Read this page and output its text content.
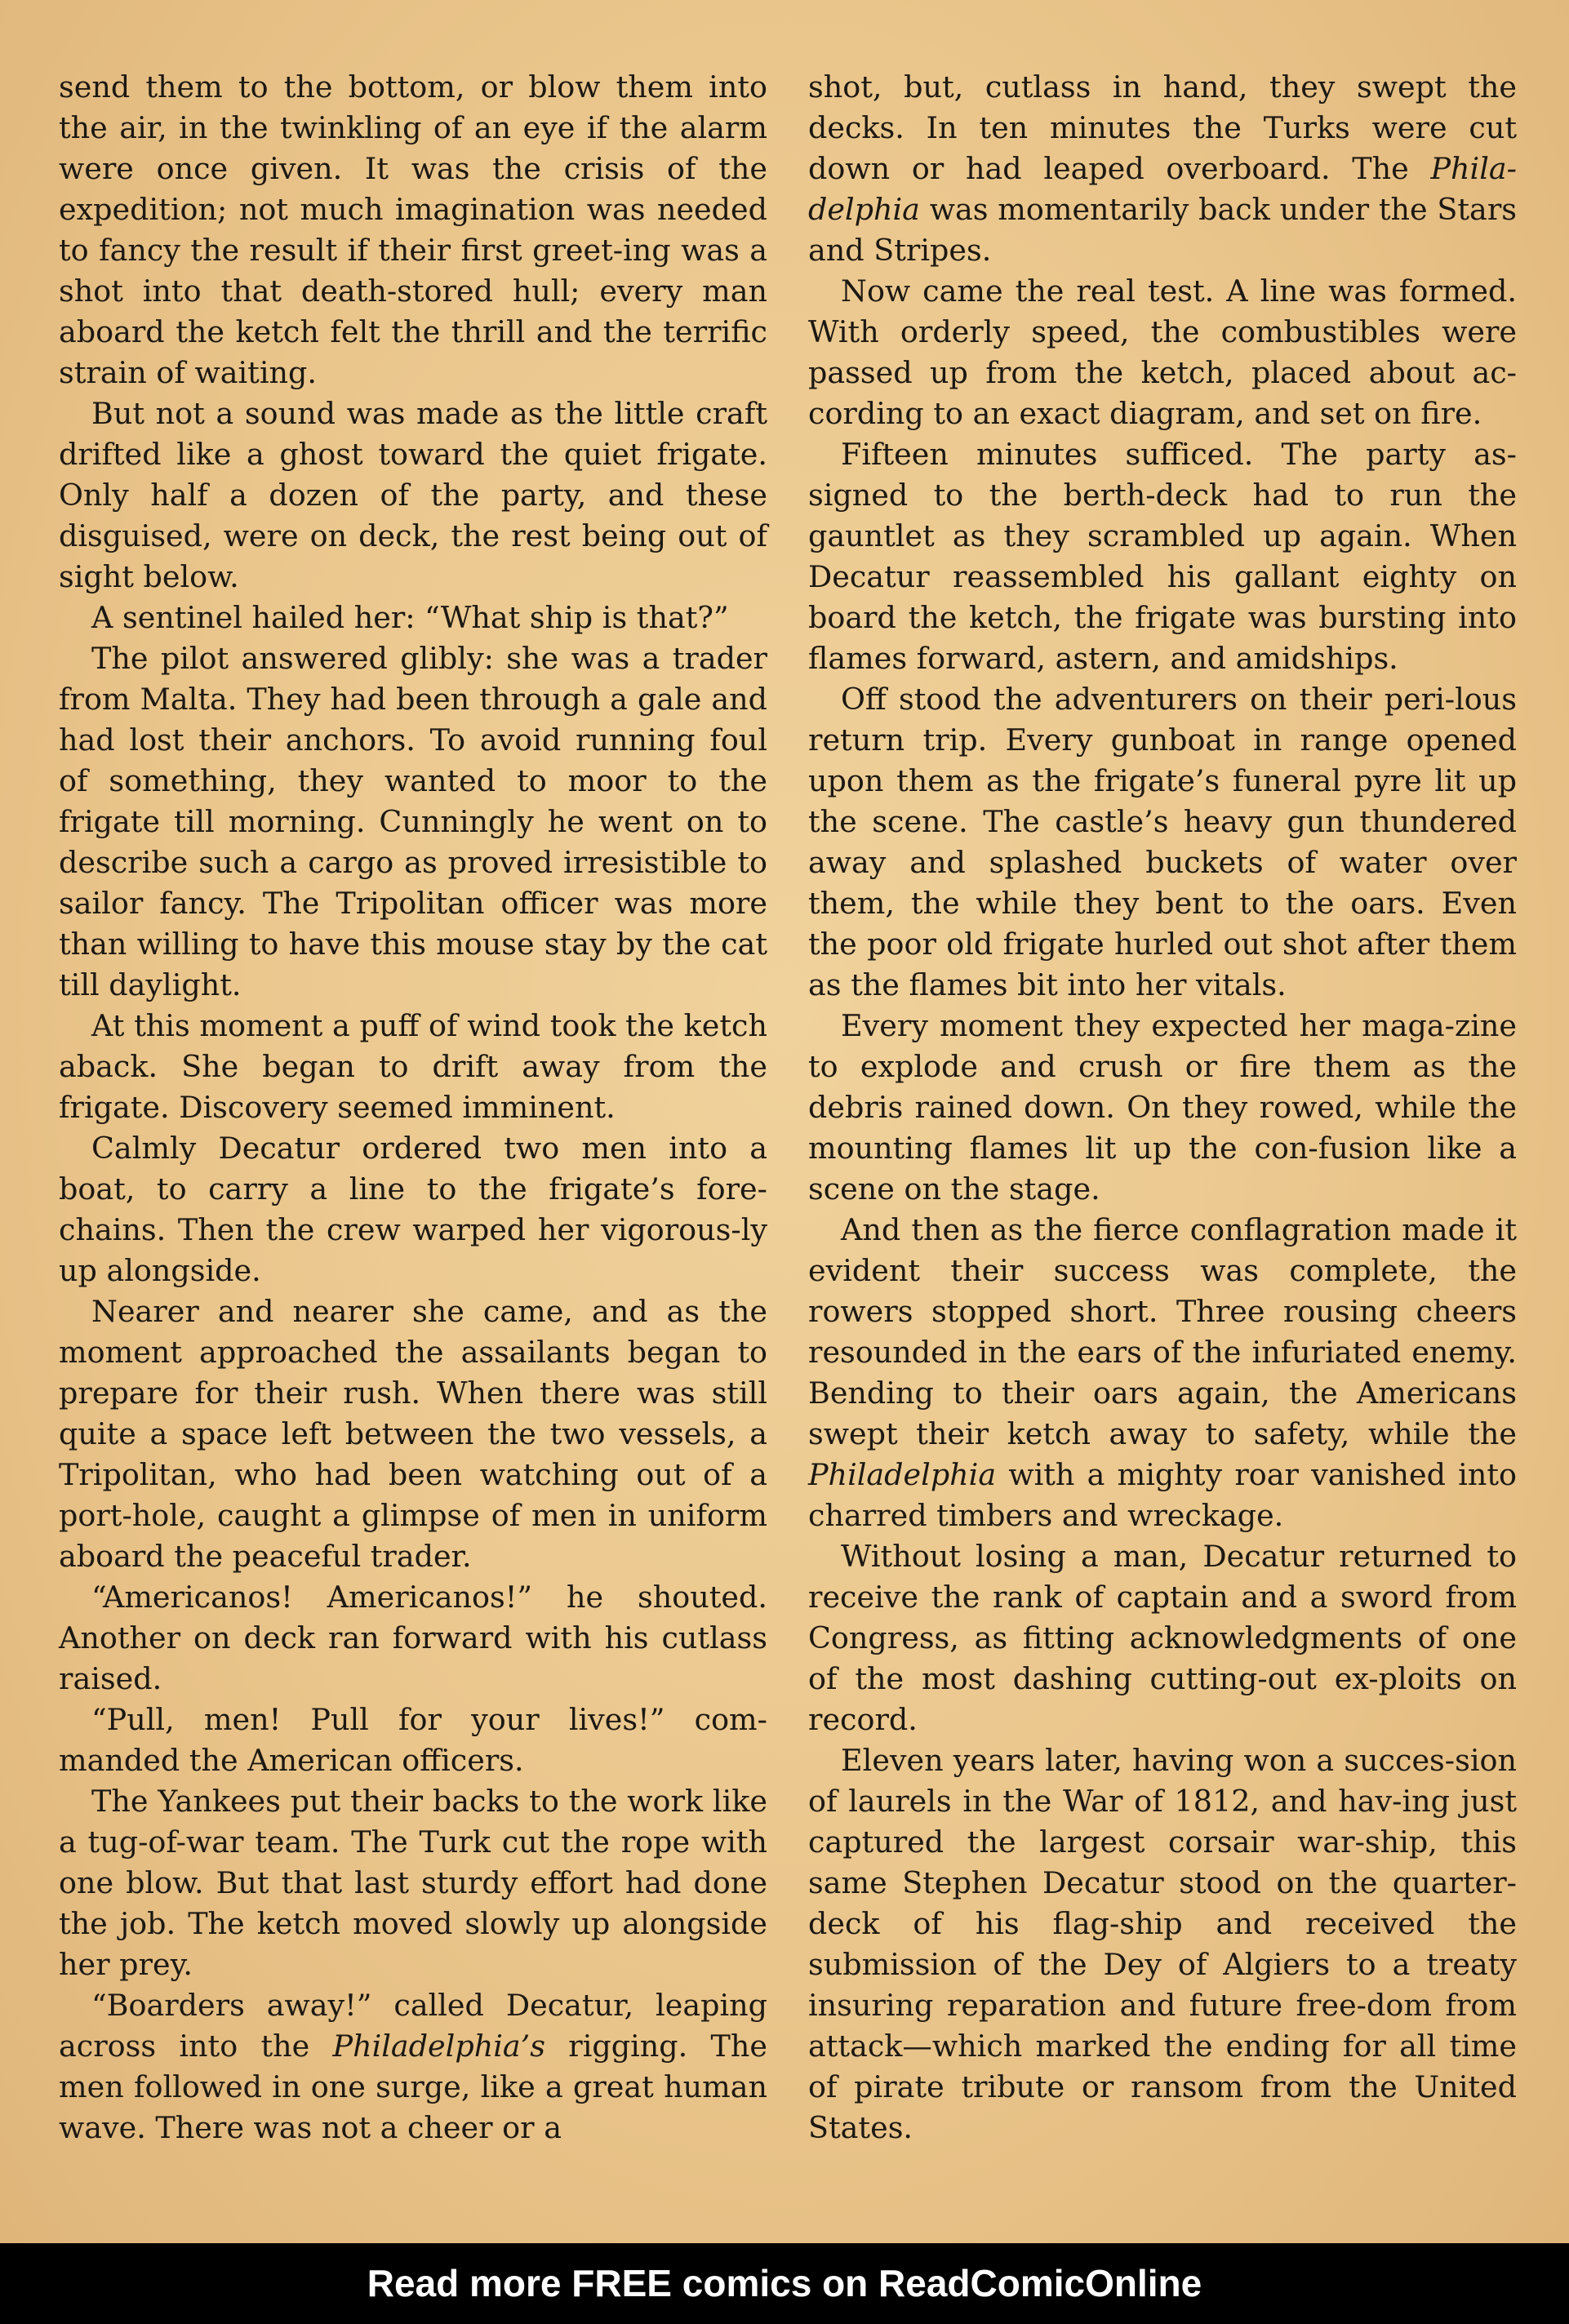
send them to the bottom, or blow them into the air, in the twinkling of an eye if the alarm were once given. It was the crisis of the expedition; not much imagination was needed to fancy the result if their first greet-ing was a shot into that death-stored hull; every man aboard the ketch felt the thrill and the terrific strain of waiting.

But not a sound was made as the little craft drifted like a ghost toward the quiet frigate. Only half a dozen of the party, and these disguised, were on deck, the rest being out of sight below.

A sentinel hailed her: “What ship is that?”

The pilot answered glibly: she was a trader from Malta. They had been through a gale and had lost their anchors. To avoid running foul of something, they wanted to moor to the frigate till morning. Cunningly he went on to describe such a cargo as proved irresistible to sailor fancy. The Tripolitan officer was more than willing to have this mouse stay by the cat till daylight.

At this moment a puff of wind took the ketch aback. She began to drift away from the frigate. Discovery seemed imminent.

Calmly Decatur ordered two men into a boat, to carry a line to the frigate’s fore-chains. Then the crew warped her vigorous-ly up alongside.

Nearer and nearer she came, and as the moment approached the assailants began to prepare for their rush. When there was still quite a space left between the two vessels, a Tripolitan, who had been watching out of a port-hole, caught a glimpse of men in uniform aboard the peaceful trader.

“Americanos! Americanos!” he shouted. Another on deck ran forward with his cutlass raised.

“Pull, men! Pull for your lives!” com-manded the American officers.

The Yankees put their backs to the work like a tug-of-war team. The Turk cut the rope with one blow. But that last sturdy effort had done the job. The ketch moved slowly up alongside her prey.

“Boarders away!” called Decatur, leaping across into the Philadelphia’s rigging. The men followed in one surge, like a great human wave. There was not a cheer or a

shot, but, cutlass in hand, they swept the decks. In ten minutes the Turks were cut down or had leaped overboard. The Phila-delphia was momentarily back under the Stars and Stripes.

Now came the real test. A line was formed. With orderly speed, the combustibles were passed up from the ketch, placed about ac-cording to an exact diagram, and set on fire.

Fifteen minutes sufficed. The party as-signed to the berth-deck had to run the gauntlet as they scrambled up again. When Decatur reassembled his gallant eighty on board the ketch, the frigate was bursting into flames forward, astern, and amidships.

Off stood the adventurers on their peri-lous return trip. Every gunboat in range opened upon them as the frigate’s funeral pyre lit up the scene. The castle’s heavy gun thundered away and splashed buckets of water over them, the while they bent to the oars. Even the poor old frigate hurled out shot after them as the flames bit into her vitals.

Every moment they expected her maga-zine to explode and crush or fire them as the debris rained down. On they rowed, while the mounting flames lit up the con-fusion like a scene on the stage.

And then as the fierce conflagration made it evident their success was complete, the rowers stopped short. Three rousing cheers resounded in the ears of the infuriated enemy. Bending to their oars again, the Americans swept their ketch away to safety, while the Philadelphia with a mighty roar vanished into charred timbers and wreckage.

Without losing a man, Decatur returned to receive the rank of captain and a sword from Congress, as fitting acknowledgments of one of the most dashing cutting-out ex-ploits on record.

Eleven years later, having won a succes-sion of laurels in the War of 1812, and hav-ing just captured the largest corsair war-ship, this same Stephen Decatur stood on the quarter-deck of his flag-ship and received the submission of the Dey of Algiers to a treaty insuring reparation and future free-dom from attack—which marked the ending for all time of pirate tribute or ransom from the United States.

Read more FREE comics on ReadComicOnline
